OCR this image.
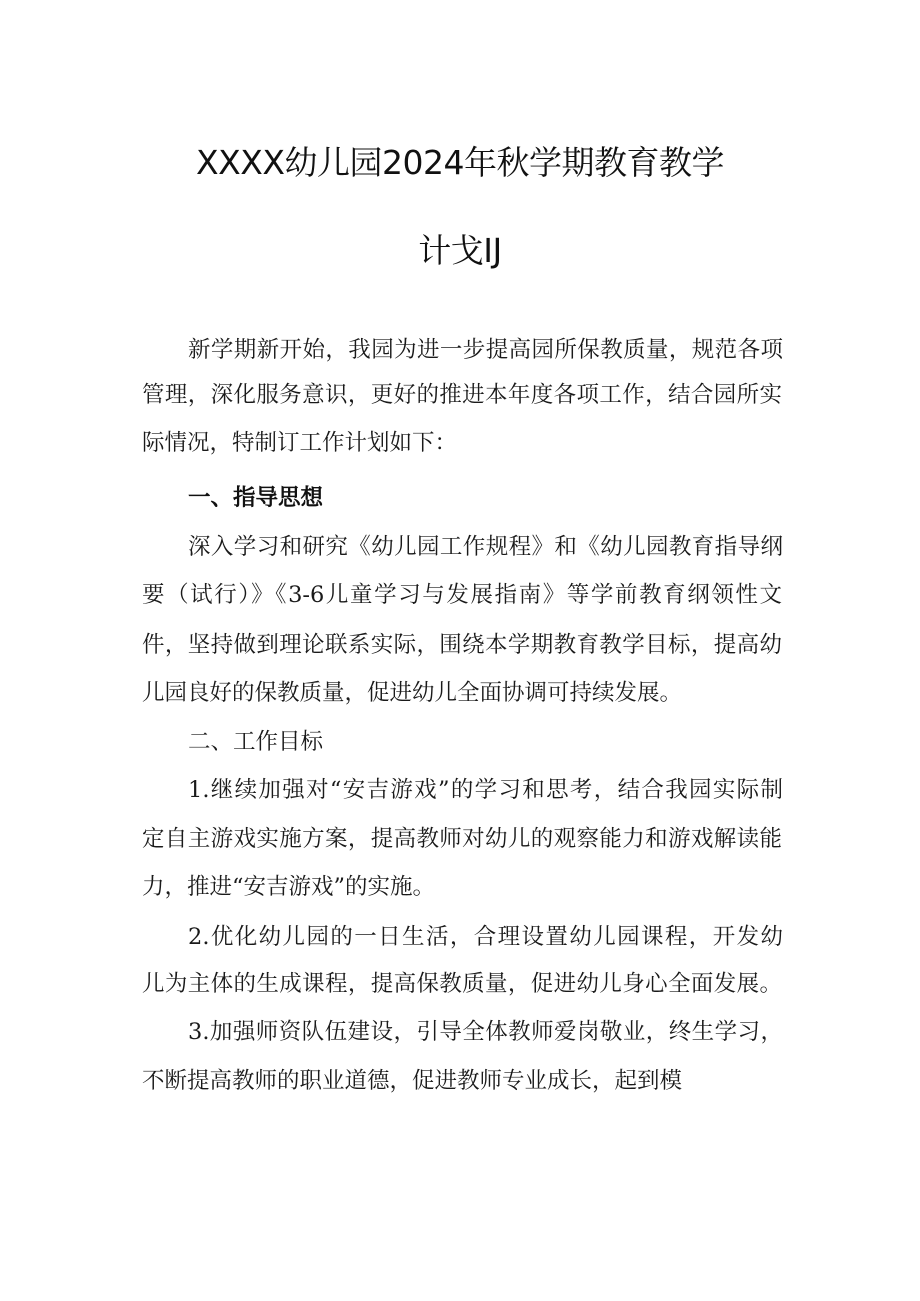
XXXX幼儿园2024年秋学期教育教学
计戈IJ
新学期新开始，我园为进一步提高园所保教质量，规范各项
管理，深化服务意识，更好的推进本年度各项工作，结合园所实
际情况，特制订工作计划如下：
一、指导思想
深入学习和研究《幼儿园工作规程》和《幼儿园教育指导纲
要（试行）》《3-6儿童学习与发展指南》等学前教育纲领性文
件，坚持做到理论联系实际，围绕本学期教育教学目标，提高幼
儿园良好的保教质量，促进幼儿全面协调可持续发展。
二、工作目标
1.继续加强对“安吉游戏”的学习和思考，结合我园实际制
定自主游戏实施方案，提高教师对幼儿的观察能力和游戏解读能
力，推进“安吉游戏”的实施。
2.优化幼儿园的一日生活，合理设置幼儿园课程，开发幼
儿为主体的生成课程，提高保教质量，促进幼儿身心全面发展。
3.加强师资队伍建设，引导全体教师爱岗敬业，终生学习，
不断提高教师的职业道德，促进教师专业成长，起到模
